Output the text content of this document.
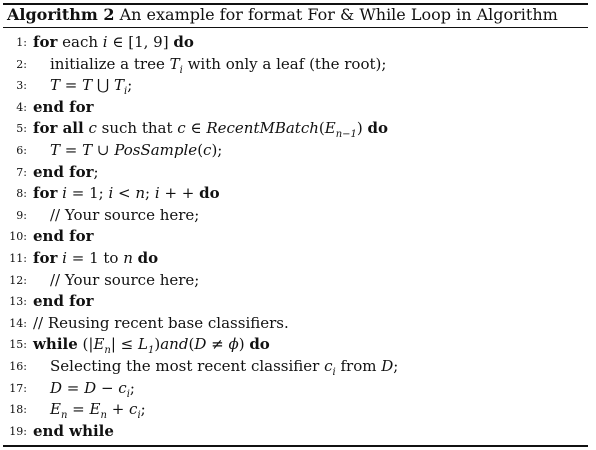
Algorithm 2 An example for format For & While Loop in Algorithm
1: for each i ∈ [1, 9] do
2: initialize a tree $T_i$ with only a leaf (the root);
3: T = T ⋃ $T_i$;
4: end for
5: for all c such that c ∈ $RecentMBatch(E_{n-1})$ do
6: T = T ∪ PosSample(c);
7: end for;
8: for i = 1; i < n; i + + do
9: // Your source here;
10: end for
11: for i = 1 to n do
12: // Your source here;
13: end for
14: // Reusing recent base classifiers.
15: while $(|E_n| \le L_1)and(D \ne \phi)$ do
16: Selecting the most recent classifier $c_i$ from D;
17: $D = D - c_i$;
18: $E_n = E_n + c_i$;
19: end while
